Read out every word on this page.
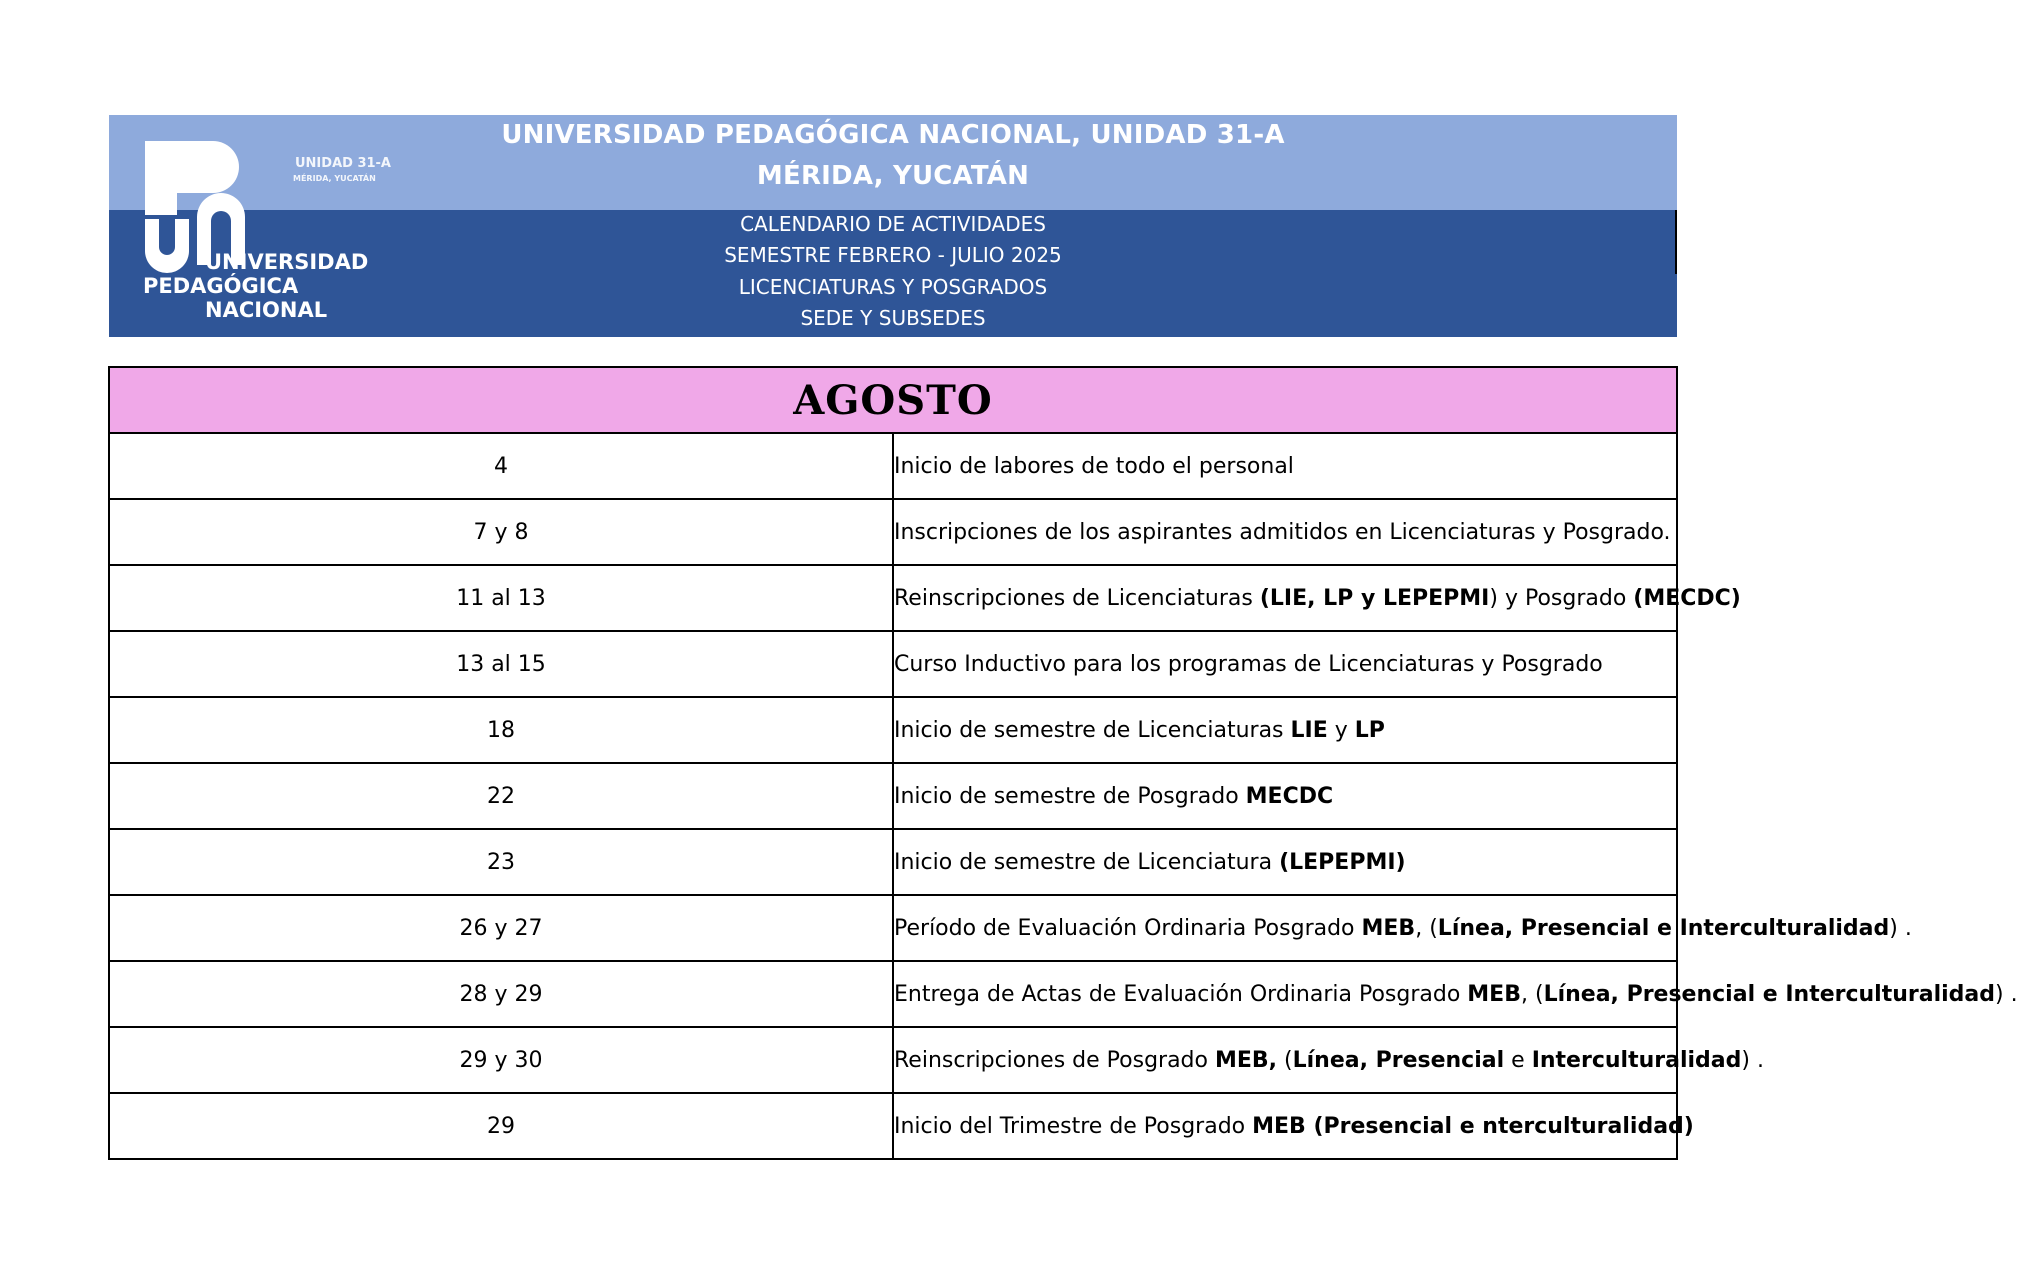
UNIVERSIDAD PEDAGÓGICA NACIONAL, UNIDAD 31-A
MÉRIDA, YUCATÁN
CALENDARIO DE ACTIVIDADES
SEMESTRE FEBRERO - JULIO 2025
LICENCIATURAS Y POSGRADOS
SEDE Y SUBSEDES
UNIDAD 31-A
MÉRIDA, YUCATÁN
UNIVERSIDAD
PEDAGÓGICA
NACIONAL
AGOSTO	
4	Inicio de labores de todo el personal
7 y 8	Inscripciones de los aspirantes admitidos en Licenciaturas y Posgrado.
11 al 13	Reinscripciones de Licenciaturas (LIE, LP y LEPEPMI) y Posgrado (MECDC)
13 al 15	Curso Inductivo para los programas de Licenciaturas y Posgrado
18	Inicio de semestre de Licenciaturas LIE y LP
22	Inicio de semestre de Posgrado MECDC
23	Inicio de semestre de Licenciatura (LEPEPMI)
26 y 27	Período de Evaluación Ordinaria Posgrado MEB, (Línea, Presencial e Interculturalidad) .
28 y 29	Entrega de Actas de Evaluación Ordinaria Posgrado MEB, (Línea, Presencial e Interculturalidad) .
29 y 30	Reinscripciones de Posgrado MEB, (Línea, Presencial e Interculturalidad) .
29	Inicio del Trimestre de Posgrado MEB (Presencial e nterculturalidad)
